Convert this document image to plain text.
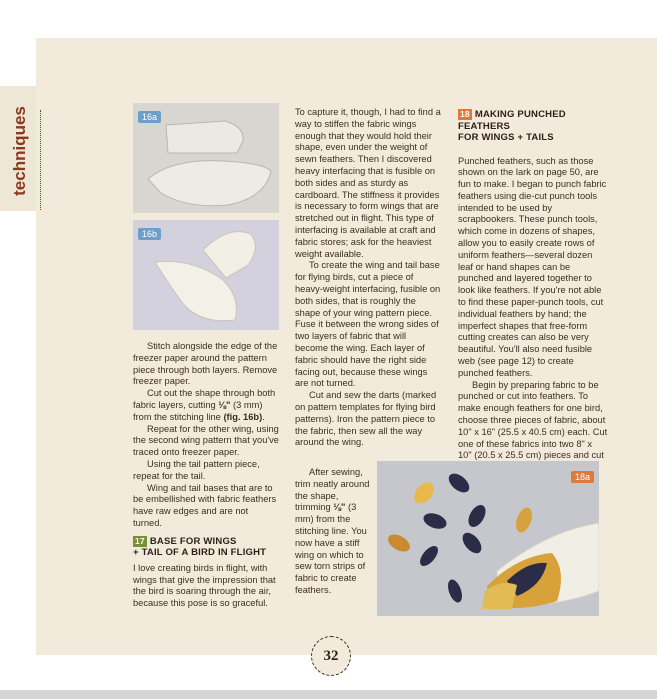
techniques	16a
16b

Stitch alongside the edge of the freezer paper around the pattern piece through both layers. Remove freezer paper.

Cut out the shape through both fabric layers, cutting ⅛" (3 mm) from the stitching line (fig. 16b).

Repeat for the other wing, using the second wing pattern that you've traced onto freezer paper.

Using the tail pattern piece, repeat for the tail.

Wing and tail bases that are to be embellished with fabric feathers have raw edges and are not turned.

17 BASE FOR WINGS
+ TAIL OF A BIRD IN FLIGHT

I love creating birds in flight, with wings that give the impression that the bird is soaring through the air, because this pose is so graceful.

To capture it, though, I had to find a way to stiffen the fabric wings enough that they would hold their shape, even under the weight of sewn feathers. Then I discovered heavy interfacing that is fusible on both sides and as sturdy as cardboard. The stiffness it provides is necessary to form wings that are stretched out in flight. This type of interfacing is available at craft and fabric stores; ask for the heaviest weight available.

To create the wing and tail base for flying birds, cut a piece of heavy-weight interfacing, fusible on both sides, that is roughly the shape of your wing pattern piece. Fuse it between the wrong sides of two layers of fabric that will become the wing. Each layer of fabric should have the right side facing out, because these wings are not turned.

Cut and sew the darts (marked on pattern templates for flying bird patterns). Iron the pattern piece to the fabric, then sew all the way around the wing.

After sewing, trim neatly around the shape, trimming ⅛" (3 mm) from the stitching line. You now have a stiff wing on which to sew torn strips of fabric to create feathers.

18 MAKING PUNCHED FEATHERS
FOR WINGS + TAILS

Punched feathers, such as those shown on the lark on page 50, are fun to make. I began to punch fabric feathers using die-cut punch tools intended to be used by scrapbookers. These punch tools, which come in dozens of shapes, allow you to easily create rows of uniform feathers—several dozen leaf or hand shapes can be punched and layered together to look like feathers. If you're not able to find these paper-punch tools, cut individual feathers by hand; the imperfect shapes that free-form cutting creates can also be very beautiful. You'll also need fusible web (see page 12) to create punched feathers.

Begin by preparing fabric to be punched or cut into feathers. To make enough feathers for one bird, choose three pieces of fabric, about 10" x 16" (25.5 x 40.5 cm) each. Cut one of these fabrics into two 8" x 10" (20.5 x 25.5 cm) pieces and cut

18a
32
